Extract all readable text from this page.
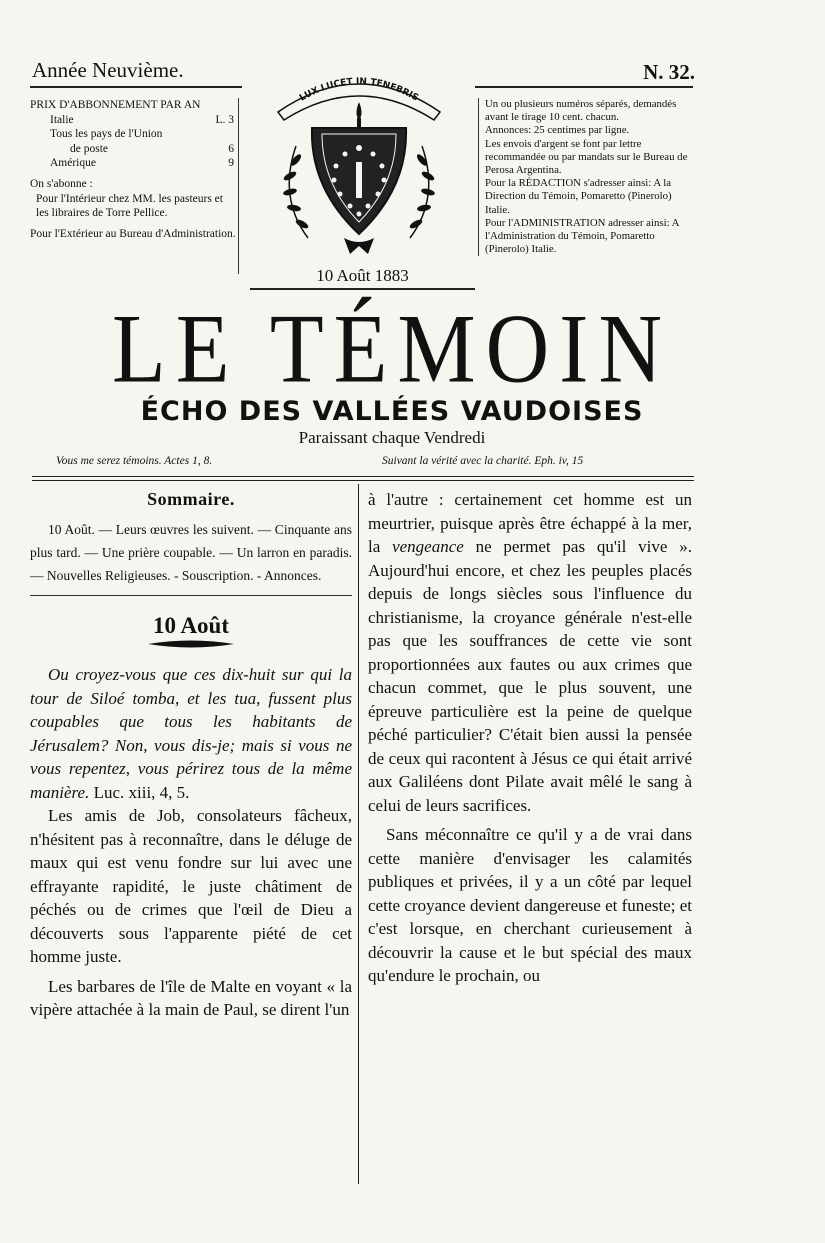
Année Neuvième.	N. 32.
PRIX D'ABBONNEMENT PAR AN
Italie	L. 3
Tous les pays de l'Union
de poste	6
Amérique	9
On s'abonne :
Pour l'Intérieur chez MM. les pasteurs et les libraires de Torre Pellice.
Pour l'Extérieur au Bureau d'Administration.
LUX LUCET IN TENEBRIS
10 Août 1883

Un ou plusieurs numéros séparés, demandés avant le tirage 10 cent. chacun.

Annonces: 25 centimes par ligne.

Les envois d'argent se font par lettre recommandée ou par mandats sur le Bureau de Perosa Argentina.

Pour la RÉDACTION s'adresser ainsi: A la Direction du Témoin, Pomaretto (Pinerolo) Italie.

Pour l'ADMINISTRATION adresser ainsi: A l'Administration du Témoin, Pomaretto (Pinerolo) Italie.

LE TÉMOIN
ÉCHO DES VALLÉES VAUDOISES
Paraissant chaque Vendredi
Vous me serez témoins. Actes 1, 8.	Suivant la vérité avec la charité. Eph. iv, 15
Sommaire.
10 Août. — Leurs œuvres les suivent. — Cinquante ans plus tard. — Une prière coupable. — Un larron en paradis. — Nouvelles Religieuses. - Souscription. - Annonces.
10 Août

Ou croyez-vous que ces dix-huit sur qui la tour de Siloé tomba, et les tua, fussent plus coupables que tous les habitants de Jérusalem? Non, vous dis-je; mais si vous ne vous repentez, vous périrez tous de la même manière. Luc. xiii, 4, 5.

Les amis de Job, consolateurs fâcheux, n'hésitent pas à reconnaître, dans le déluge de maux qui est venu fondre sur lui avec une effrayante rapidité, le juste châtiment de péchés ou de crimes que l'œil de Dieu a découverts sous l'apparente piété de cet homme juste.

Les barbares de l'île de Malte en voyant « la vipère attachée à la main de Paul, se dirent l'un

à l'autre : certainement cet homme est un meurtrier, puisque après être échappé à la mer, la vengeance ne permet pas qu'il vive ». Aujourd'hui encore, et chez les peuples placés depuis de longs siècles sous l'influence du christianisme, la croyance générale n'est-elle pas que les souffrances de cette vie sont proportionnées aux fautes ou aux crimes que chacun commet, que le plus souvent, une épreuve particulière est la peine de quelque péché particulier? C'était bien aussi la pensée de ceux qui racontent à Jésus ce qui était arrivé aux Galiléens dont Pilate avait mêlé le sang à celui de leurs sacrifices.

Sans méconnaître ce qu'il y a de vrai dans cette manière d'envisager les calamités publiques et privées, il y a un côté par lequel cette croyance devient dangereuse et funeste; et c'est lorsque, en cherchant curieusement à découvrir la cause et le but spécial des maux qu'endure le prochain, ou
